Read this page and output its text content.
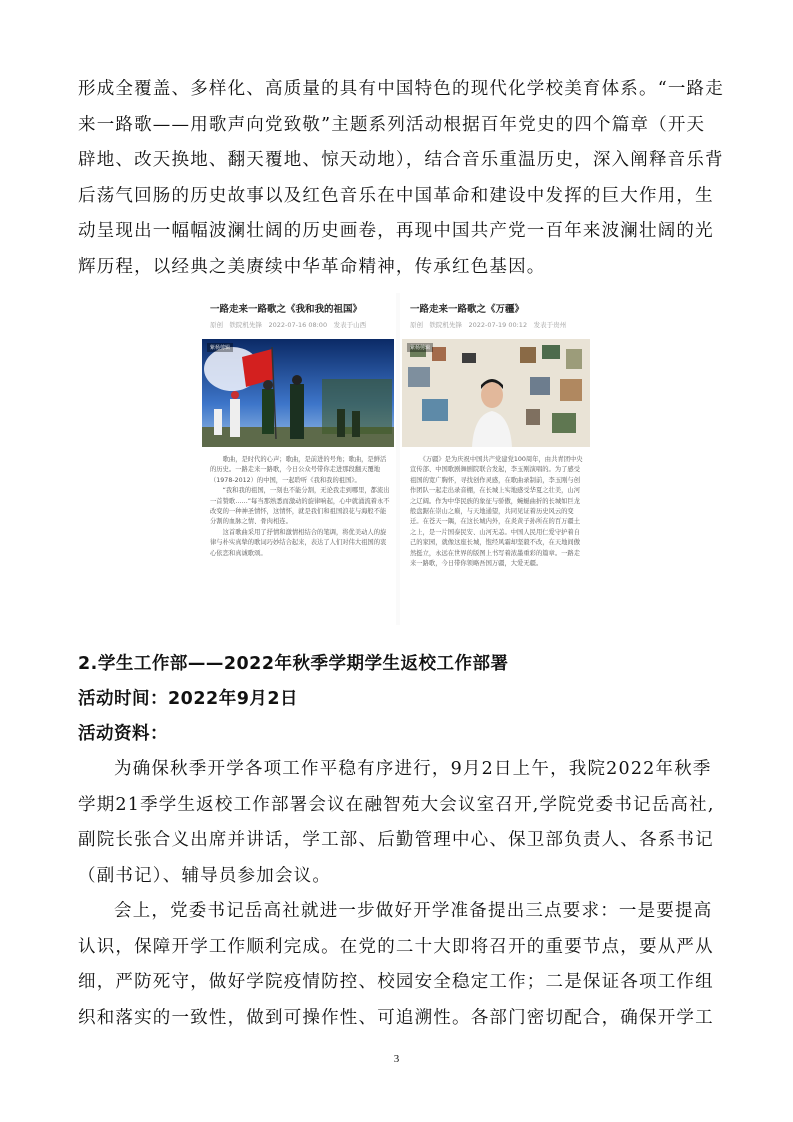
形成全覆盖、多样化、高质量的具有中国特色的现代化学校美育体系。“一路走
来一路歌——用歌声向党致敬”主题系列活动根据百年党史的四个篇章（开天
辟地、改天换地、翻天覆地、惊天动地），结合音乐重温历史，深入阐释音乐背
后荡气回肠的历史故事以及红色音乐在中国革命和建设中发挥的巨大作用，生
动呈现出一幅幅波澜壮阔的历史画卷，再现中国共产党一百年来波澜壮阔的光
辉历程，以经典之美赓续中华革命精神，传承红色基因。
一路走来一路歌之《我和我的祖国》
原创　铁院机先锋　2022-07-16 08:00　发表于山西
紫杨剪辑

　　歌曲，是时代的心声；歌曲，是前进的号角；歌曲，是鲜活的历史。一路走来一路歌，今日公众号带你走进那段翻天覆地（1978-2012）的中国，一起聆听《我和我的祖国》。

　　“我和我的祖国，一刻也不能分割，无论我走到哪里，都流出一首赞歌……”每当那熟悉而激动的旋律响起，心中就涌流着永不改变的一种神圣情怀，这情怀，就是我们和祖国浪花与海般不能分割的血脉之情、骨肉相连。

　　这首歌曲采用了抒情和激情相结合的笔调，将优美动人的旋律与朴实真挚的歌词巧妙结合起来，表达了人们对伟大祖国的衷心依恋和真诚歌颂。

一路走来一路歌之《万疆》
原创　铁院机先锋　2022-07-19 00:12　发表于贵州
紫杨剪辑

　　《万疆》是为庆祝中国共产党建党100周年，由共青团中央宣传部、中国歌剧舞剧院联合发起，李玉刚演唱的。为了感受祖国的宽广胸怀，寻找创作灵感，在歌曲录制前，李玉刚与创作团队一起走出录音棚，在长城上实地感受华夏之壮美，山河之辽阔。作为中华民族的象征与骄傲，蜿蜒曲折的长城如巨龙般盘踞在崇山之巅，与天地通望，共同见证着历史风云的变迁。在苍天一隅，在这长城内外，在炎黄子孙所在的百万疆土之上，是一片国泰民安、山河无恙。中国人民用仁爱守护着自己的家园，就像这座长城，饱经风霜却坚毅不改，在天地间傲然挺立，永远在世界的版图上书写着浓墨重彩的篇章。一路走来一路歌，今日带你领略吾国万疆，大爱无疆。

2.学生工作部——2022年秋季学期学生返校工作部署
活动时间：2022年9月2日
活动资料：
为确保秋季开学各项工作平稳有序进行，9月2日上午，我院2022年秋季
学期21季学生返校工作部署会议在融智苑大会议室召开,学院党委书记岳高社,
副院长张合义出席并讲话，学工部、后勤管理中心、保卫部负责人、各系书记
（副书记）、辅导员参加会议。
会上，党委书记岳高社就进一步做好开学准备提出三点要求：一是要提高
认识，保障开学工作顺利完成。在党的二十大即将召开的重要节点，要从严从
细，严防死守，做好学院疫情防控、校园安全稳定工作；二是保证各项工作组
织和落实的一致性，做到可操作性、可追溯性。各部门密切配合，确保开学工
3
